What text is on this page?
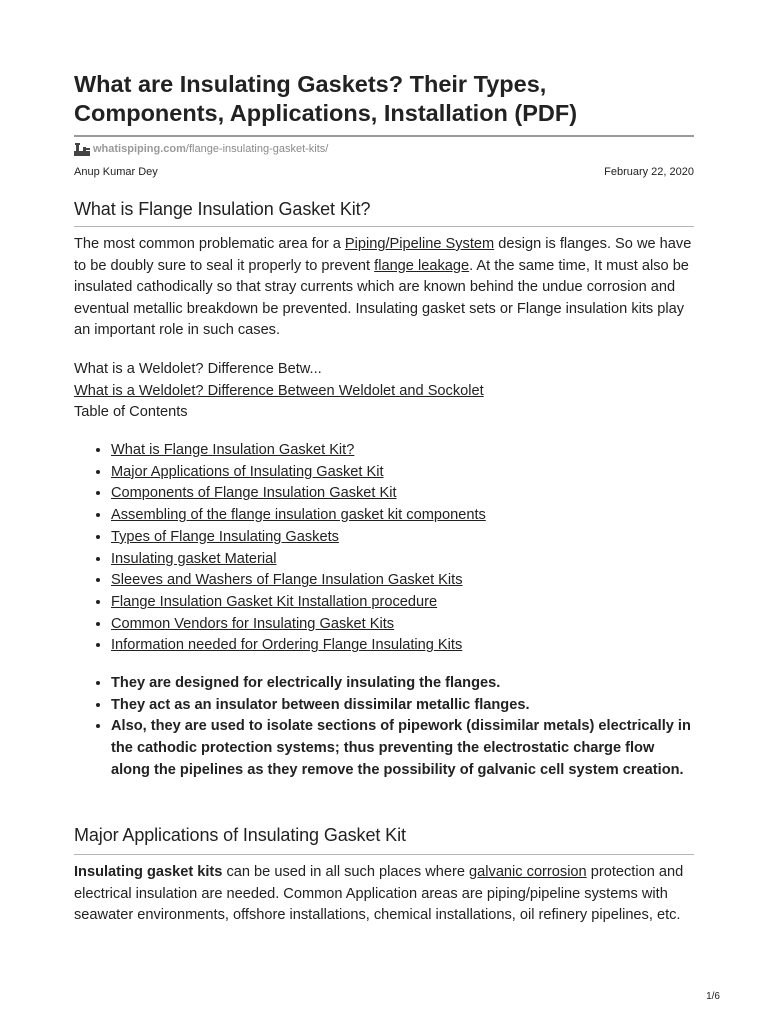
What are Insulating Gaskets? Their Types, Components, Applications, Installation (PDF)
whatispiping.com /flange-insulating-gasket-kits/
Anup Kumar Dey	February 22, 2020
What is Flange Insulation Gasket Kit?

The most common problematic area for a Piping/Pipeline System design is flanges. So we have to be doubly sure to seal it properly to prevent flange leakage. At the same time, It must also be insulated cathodically so that stray currents which are known behind the undue corrosion and eventual metallic breakdown be prevented. Insulating gasket sets or Flange insulation kits play an important role in such cases.

What is a Weldolet? Difference Betw...
What is a Weldolet? Difference Between Weldolet and Sockolet
Table of Contents
• What is Flange Insulation Gasket Kit?
• Major Applications of Insulating Gasket Kit
• Components of Flange Insulation Gasket Kit
• Assembling of the flange insulation gasket kit components
• Types of Flange Insulating Gaskets
• Insulating gasket Material
• Sleeves and Washers of Flange Insulation Gasket Kits
• Flange Insulation Gasket Kit Installation procedure
• Common Vendors for Insulating Gasket Kits
• Information needed for Ordering Flange Insulating Kits
• They are designed for electrically insulating the flanges.
• They act as an insulator between dissimilar metallic flanges.
• Also, they are used to isolate sections of pipework (dissimilar metals) electrically in the cathodic protection systems; thus preventing the electrostatic charge flow along the pipelines as they remove the possibility of galvanic cell system creation.
Major Applications of Insulating Gasket Kit

Insulating gasket kits can be used in all such places where galvanic corrosion protection and electrical insulation are needed. Common Application areas are piping/pipeline systems with seawater environments, offshore installations, chemical installations, oil refinery pipelines, etc.

1/6
